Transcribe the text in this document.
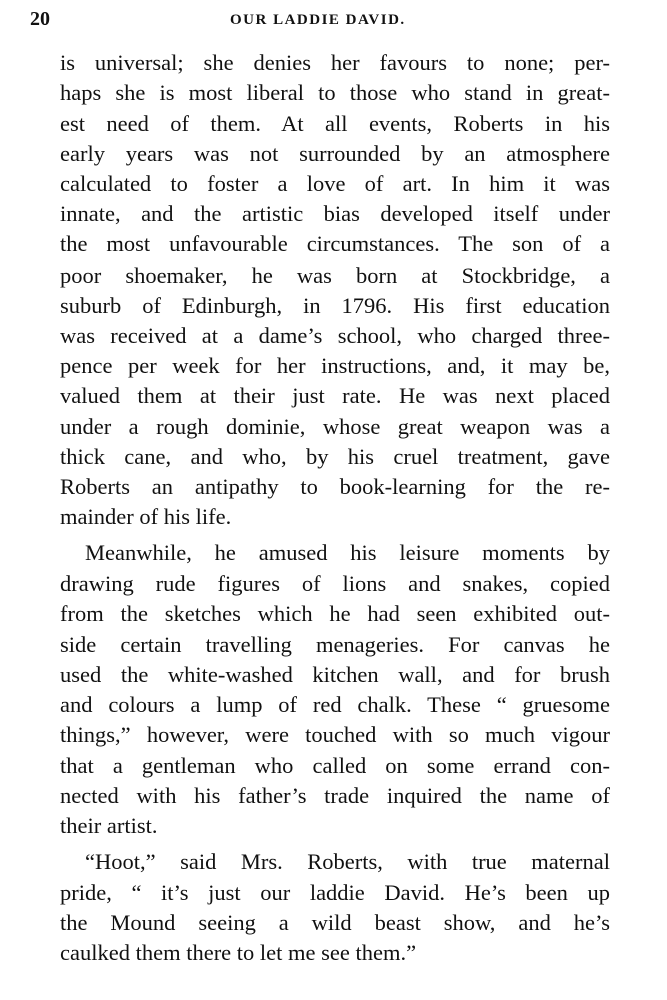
20	OUR LADDIE DAVID.
is universal; she denies her favours to none; per-
haps she is most liberal to those who stand in great-
est need of them. At all events, Roberts in his
early years was not surrounded by an atmosphere
calculated to foster a love of art. In him it was
innate, and the artistic bias developed itself under
the most unfavourable circumstances. The son of a
poor shoemaker, he was born at Stockbridge, a
suburb of Edinburgh, in 1796. His first education
was received at a dame’s school, who charged three-
pence per week for her instructions, and, it may be,
valued them at their just rate. He was next placed
under a rough dominie, whose great weapon was a
thick cane, and who, by his cruel treatment, gave
Roberts an antipathy to book-learning for the re-
mainder of his life.
Meanwhile, he amused his leisure moments by
drawing rude figures of lions and snakes, copied
from the sketches which he had seen exhibited out-
side certain travelling menageries. For canvas he
used the white-washed kitchen wall, and for brush
and colours a lump of red chalk. These “ gruesome
things,” however, were touched with so much vigour
that a gentleman who called on some errand con-
nected with his father’s trade inquired the name of
their artist.
“Hoot,” said Mrs. Roberts, with true maternal
pride, “ it’s just our laddie David. He’s been up
the Mound seeing a wild beast show, and he’s
caulked them there to let me see them.”
